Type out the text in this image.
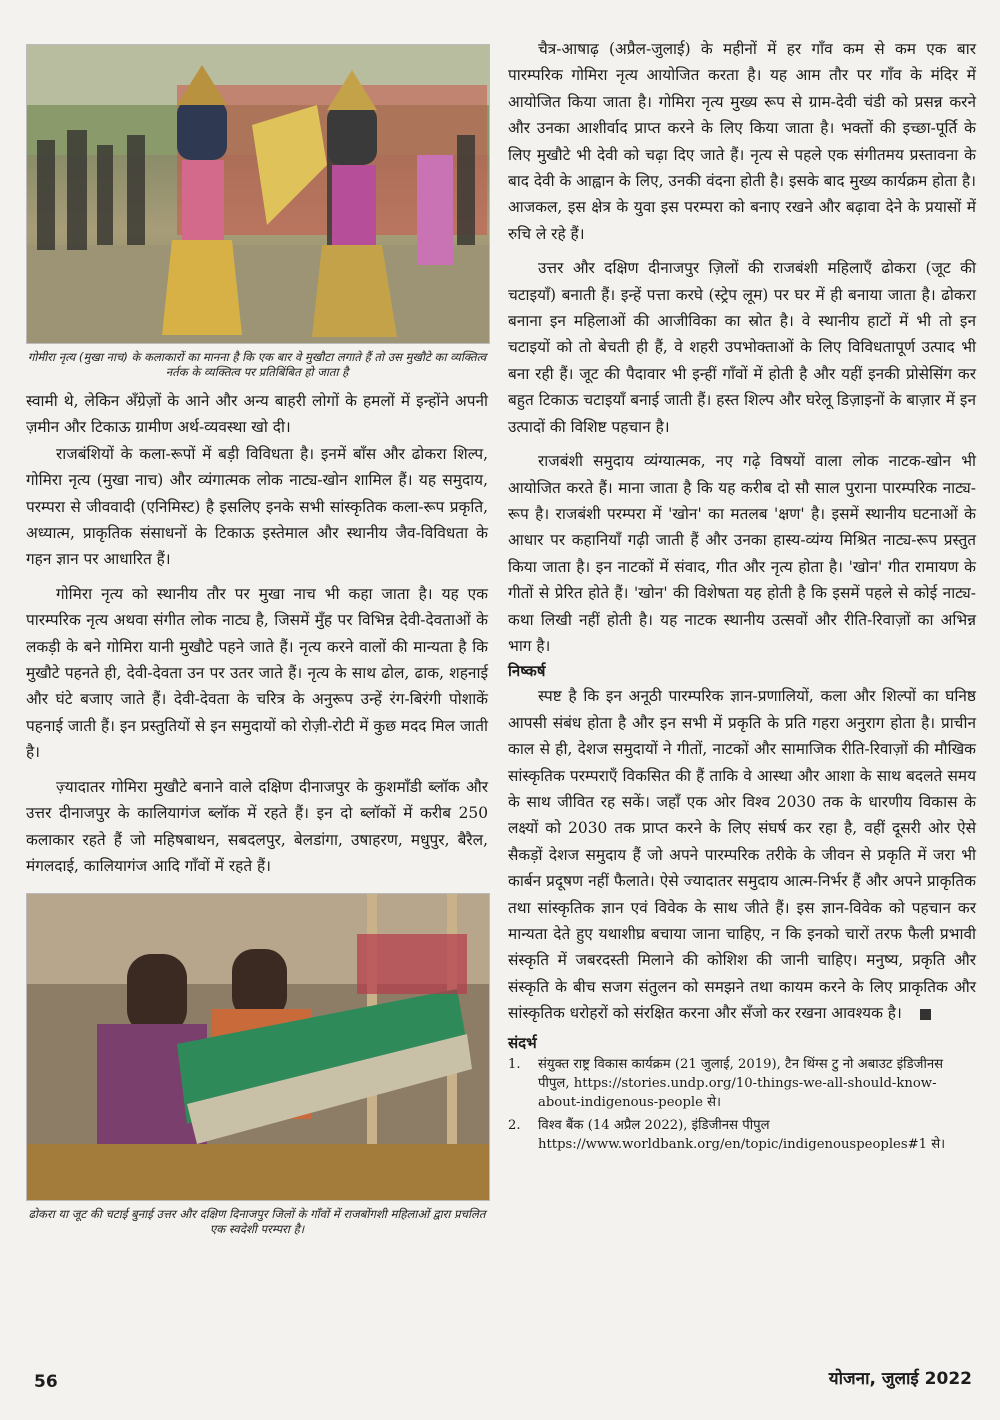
गोमीरा नृत्य (मुखा नाच) के कलाकारों का मानना है कि एक बार वे मुखौटा लगाते हैं तो उस मुखौटे का व्यक्तित्व नर्तक के व्यक्तित्व पर प्रतिबिंबित हो जाता है

स्वामी थे, लेकिन अँग्रेज़ों के आने और अन्य बाहरी लोगों के हमलों में इन्होंने अपनी ज़मीन और टिकाऊ ग्रामीण अर्थ-व्यवस्था खो दी।

राजबंशियों के कला-रूपों में बड़ी विविधता है। इनमें बाँस और ढोकरा शिल्प, गोमिरा नृत्य (मुखा नाच) और व्यंगात्मक लोक नाट्य-खोन शामिल हैं। यह समुदाय, परम्परा से जीववादी (एनिमिस्ट) है इसलिए इनके सभी सांस्कृतिक कला-रूप प्रकृति, अध्यात्म, प्राकृतिक संसाधनों के टिकाऊ इस्तेमाल और स्थानीय जैव-विविधता के गहन ज्ञान पर आधारित हैं।

गोमिरा नृत्य को स्थानीय तौर पर मुखा नाच भी कहा जाता है। यह एक पारम्परिक नृत्य अथवा संगीत लोक नाट्य है, जिसमें मुँह पर विभिन्न देवी-देवताओं के लकड़ी के बने गोमिरा यानी मुखौटे पहने जाते हैं। नृत्य करने वालों की मान्यता है कि मुखौटे पहनते ही, देवी-देवता उन पर उतर जाते हैं। नृत्य के साथ ढोल, ढाक, शहनाई और घंटे बजाए जाते हैं। देवी-देवता के चरित्र के अनुरूप उन्हें रंग-बिरंगी पोशाकें पहनाई जाती हैं। इन प्रस्तुतियों से इन समुदायों को रोज़ी-रोटी में कुछ मदद मिल जाती है।

ज़्यादातर गोमिरा मुखौटे बनाने वाले दक्षिण दीनाजपुर के कुशमाँडी ब्लॉक और उत्तर दीनाजपुर के कालियागंज ब्लॉक में रहते हैं। इन दो ब्लॉकों में करीब 250 कलाकार रहते हैं जो महिषबाथन, सबदलपुर, बेलडांगा, उषाहरण, मधुपुर, बैरैल, मंगलदाई, कालियागंज आदि गाँवों में रहते हैं।

ढोकरा या जूट की चटाई बुनाई उत्तर और दक्षिण दिनाजपुर जिलों के गाँवों में राजबोंगशी महिलाओं द्वारा प्रचलित एक स्वदेशी परम्परा है।

चैत्र-आषाढ़ (अप्रैल-जुलाई) के महीनों में हर गाँव कम से कम एक बार पारम्परिक गोमिरा नृत्य आयोजित करता है। यह आम तौर पर गाँव के मंदिर में आयोजित किया जाता है। गोमिरा नृत्य मुख्य रूप से ग्राम-देवी चंडी को प्रसन्न करने और उनका आशीर्वाद प्राप्त करने के लिए किया जाता है। भक्तों की इच्छा-पूर्ति के लिए मुखौटे भी देवी को चढ़ा दिए जाते हैं। नृत्य से पहले एक संगीतमय प्रस्तावना के बाद देवी के आह्वान के लिए, उनकी वंदना होती है। इसके बाद मुख्य कार्यक्रम होता है। आजकल, इस क्षेत्र के युवा इस परम्परा को बनाए रखने और बढ़ावा देने के प्रयासों में रुचि ले रहे हैं।

उत्तर और दक्षिण दीनाजपुर ज़िलों की राजबंशी महिलाएँ ढोकरा (जूट की चटाइयाँ) बनाती हैं। इन्हें पत्ता करघे (स्ट्रेप लूम) पर घर में ही बनाया जाता है। ढोकरा बनाना इन महिलाओं की आजीविका का स्रोत है। वे स्थानीय हाटों में भी तो इन चटाइयों को तो बेचती ही हैं, वे शहरी उपभोक्ताओं के लिए विविधतापूर्ण उत्पाद भी बना रही हैं। जूट की पैदावार भी इन्हीं गाँवों में होती है और यहीं इनकी प्रोसेसिंग कर बहुत टिकाऊ चटाइयाँ बनाई जाती हैं। हस्त शिल्प और घरेलू डिज़ाइनों के बाज़ार में इन उत्पादों की विशिष्ट पहचान है।

राजबंशी समुदाय व्यंग्यात्मक, नए गढ़े विषयों वाला लोक नाटक-खोन भी आयोजित करते हैं। माना जाता है कि यह करीब दो सौ साल पुराना पारम्परिक नाट्य-रूप है। राजबंशी परम्परा में 'खोन' का मतलब 'क्षण' है। इसमें स्थानीय घटनाओं के आधार पर कहानियाँ गढ़ी जाती हैं और उनका हास्य-व्यंग्य मिश्रित नाट्य-रूप प्रस्तुत किया जाता है। इन नाटकों में संवाद, गीत और नृत्य होता है। 'खोन' गीत रामायण के गीतों से प्रेरित होते हैं। 'खोन' की विशेषता यह होती है कि इसमें पहले से कोई नाट्य-कथा लिखी नहीं होती है। यह नाटक स्थानीय उत्सवों और रीति-रिवाज़ों का अभिन्न भाग है।

निष्कर्ष

स्पष्ट है कि इन अनूठी पारम्परिक ज्ञान-प्रणालियों, कला और शिल्पों का घनिष्ठ आपसी संबंध होता है और इन सभी में प्रकृति के प्रति गहरा अनुराग होता है। प्राचीन काल से ही, देशज समुदायों ने गीतों, नाटकों और सामाजिक रीति-रिवाज़ों की मौखिक सांस्कृतिक परम्पराएँ विकसित की हैं ताकि वे आस्था और आशा के साथ बदलते समय के साथ जीवित रह सकें। जहाँ एक ओर विश्व 2030 तक के धारणीय विकास के लक्ष्यों को 2030 तक प्राप्त करने के लिए संघर्ष कर रहा है, वहीं दूसरी ओर ऐसे सैकड़ों देशज समुदाय हैं जो अपने पारम्परिक तरीके के जीवन से प्रकृति में जरा भी कार्बन प्रदूषण नहीं फैलाते। ऐसे ज्यादातर समुदाय आत्म-निर्भर हैं और अपने प्राकृतिक तथा सांस्कृतिक ज्ञान एवं विवेक के साथ जीते हैं। इस ज्ञान-विवेक को पहचान कर मान्यता देते हुए यथाशीघ्र बचाया जाना चाहिए, न कि इनको चारों तरफ फैली प्रभावी संस्कृति में जबरदस्ती मिलाने की कोशिश की जानी चाहिए। मनुष्य, प्रकृति और संस्कृति के बीच सजग संतुलन को समझने तथा कायम करने के लिए प्राकृतिक और सांस्कृतिक धरोहरों को संरक्षित करना और सँजो कर रखना आवश्यक है।

संदर्भ
1.	संयुक्त राष्ट्र विकास कार्यक्रम (21 जुलाई, 2019), टैन थिंग्स टु नो अबाउट इंडिजीनस पीपुल, https://stories.undp.org/10-things-we-all-should-know-about-indigenous-people से।
2.	विश्व बैंक (14 अप्रैल 2022), इंडिजीनस पीपुल https://www.worldbank.org/en/topic/indigenouspeoples#1 से।
56	योजना, जुलाई 2022
